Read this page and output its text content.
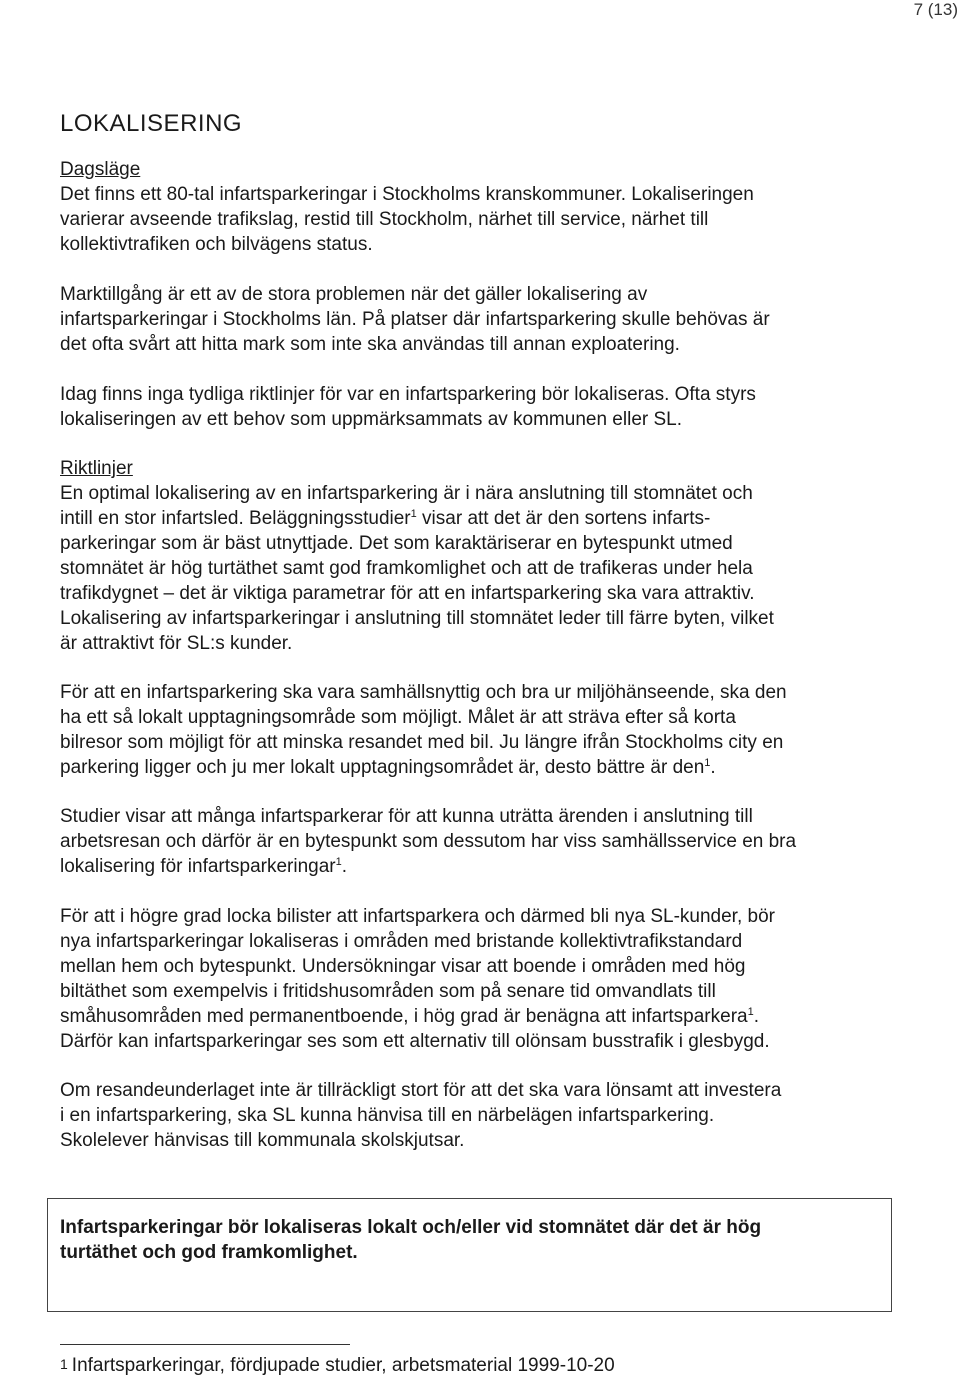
7 (13)
LOKALISERING
Dagsläge

Det finns ett 80-tal infartsparkeringar i Stockholms kranskommuner. Lokaliseringen
varierar avseende trafikslag, restid till Stockholm, närhet till service, närhet till
kollektivtrafiken och bilvägens status.

Marktillgång är ett av de stora problemen när det gäller lokalisering av
infartsparkeringar i Stockholms län. På platser där infartsparkering skulle behövas är
det ofta svårt att hitta mark som inte ska användas till annan exploatering.

Idag finns inga tydliga riktlinjer för var en infartsparkering bör lokaliseras. Ofta styrs
lokaliseringen av ett behov som uppmärksammats av kommunen eller SL.

Riktlinjer

En optimal lokalisering av en infartsparkering är i nära anslutning till stomnätet och
intill en stor infartsled. Beläggningsstudier$^1$ visar att det är den sortens infarts-
parkeringar som är bäst utnyttjade. Det som karaktäriserar en bytespunkt utmed
stomnätet är hög turtäthet samt god framkomlighet och att de trafikeras under hela
trafikdygnet – det är viktiga parametrar för att en infartsparkering ska vara attraktiv.
Lokalisering av infartsparkeringar i anslutning till stomnätet leder till färre byten, vilket
är attraktivt för SL:s kunder.

För att en infartsparkering ska vara samhällsnyttig och bra ur miljöhänseende, ska den
ha ett så lokalt upptagningsområde som möjligt. Målet är att sträva efter så korta
bilresor som möjligt för att minska resandet med bil. Ju längre ifrån Stockholms city en
parkering ligger och ju mer lokalt upptagningsområdet är, desto bättre är den$^1$.

Studier visar att många infartsparkerar för att kunna uträtta ärenden i anslutning till
arbetsresan och därför är en bytespunkt som dessutom har viss samhällsservice en bra
lokalisering för infartsparkeringar$^1$.

För att i högre grad locka bilister att infartsparkera och därmed bli nya SL-kunder, bör
nya infartsparkeringar lokaliseras i områden med bristande kollektivtrafikstandard
mellan hem och bytespunkt. Undersökningar visar att boende i områden med hög
biltäthet som exempelvis i fritidshusområden som på senare tid omvandlats till
småhusområden med permanentboende, i hög grad är benägna att infartsparkera$^1$.
Därför kan infartsparkeringar ses som ett alternativ till olönsam busstrafik i glesbygd.

Om resandeunderlaget inte är tillräckligt stort för att det ska vara lönsamt att investera
i en infartsparkering, ska SL kunna hänvisa till en närbelägen infartsparkering.
Skolelever hänvisas till kommunala skolskjutsar.

1 Infartsparkeringar, fördjupade studier, arbetsmaterial 1999-10-20

Infartsparkeringar bör lokaliseras lokalt och/eller vid stomnätet där det är hög
turtäthet och god framkomlighet.
